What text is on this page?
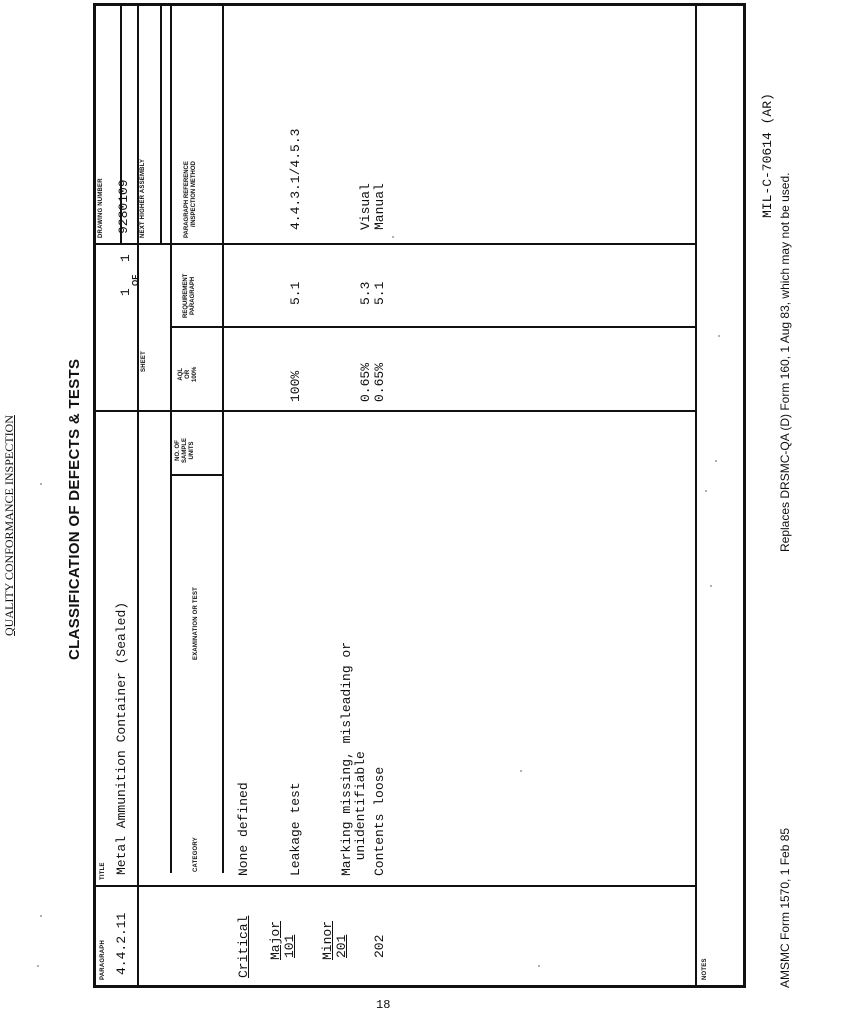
QUALITY CONFORMANCE INSPECTION	CLASSIFICATION OF DEFECTS & TESTS
MIL-C-70614 (AR)
PARAGRAPH 4.4.2.11
TITLE Metal Ammunition Container (Sealed)
SHEET
1
OF
1
DRAWING NUMBER 9280109 NEXT HIGHER ASSEMBLY
CATEGORY
EXAMINATION OR TEST
NO. OF
SAMPLE
UNITS
AQL
OR
100%
REQUIREMENT
PARAGRAPH
PARAGRAPH REFERENCE
/INSPECTION METHOD
Critical
None defined
Major 101
Leakage test
100%
5.1
4.4.3.1/4.5.3
Minor 201
Marking missing, misleading or
unidentifiable
0.65%
5.3
Visual
202
Contents loose
0.65%
5.1
Manual
NOTES	AMSMC Form 1570, 1 Feb 85
Replaces DRSMC-QA (D) Form 160, 1 Aug 83, which may not be used.
18
